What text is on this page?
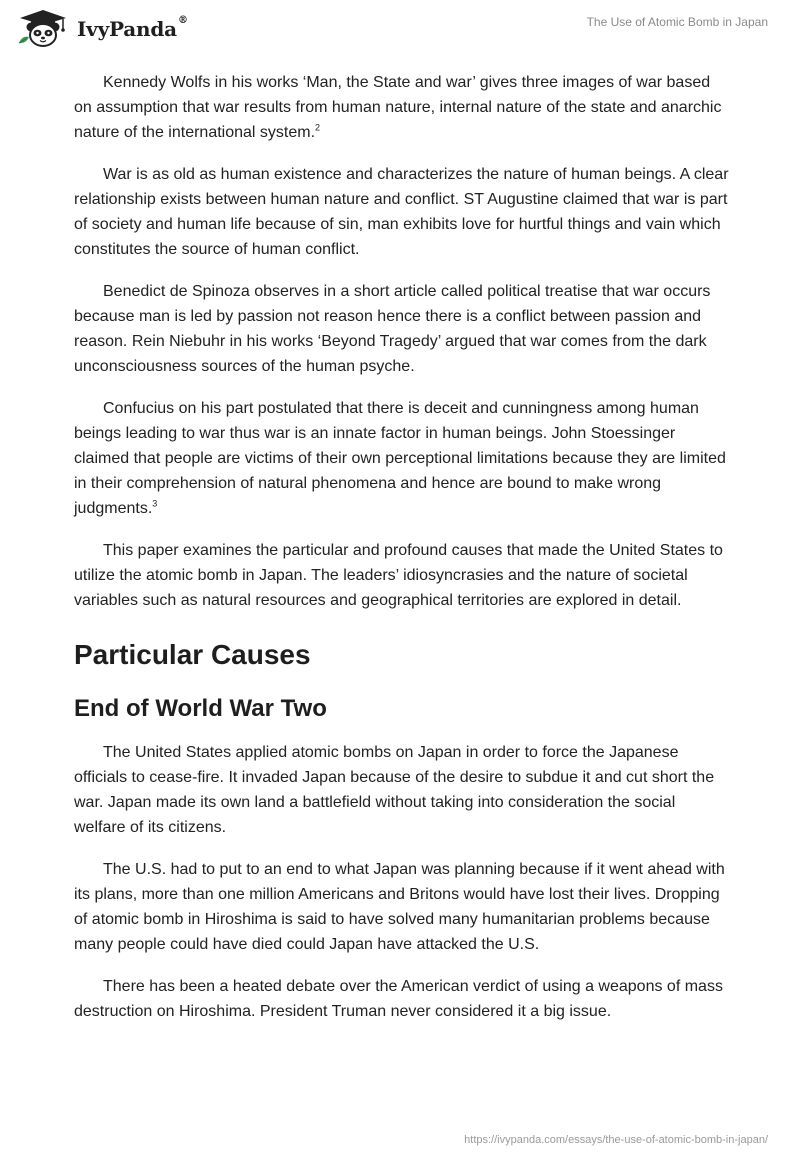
IvyPanda®	The Use of Atomic Bomb in Japan

Kennedy Wolfs in his works ‘Man, the State and war’ gives three images of war based on assumption that war results from human nature, internal nature of the state and anarchic nature of the international system.$^2$

War is as old as human existence and characterizes the nature of human beings. A clear relationship exists between human nature and conflict. ST Augustine claimed that war is part of society and human life because of sin, man exhibits love for hurtful things and vain which constitutes the source of human conflict.

Benedict de Spinoza observes in a short article called political treatise that war occurs because man is led by passion not reason hence there is a conflict between passion and reason. Rein Niebuhr in his works ‘Beyond Tragedy’ argued that war comes from the dark unconsciousness sources of the human psyche.

Confucius on his part postulated that there is deceit and cunningness among human beings leading to war thus war is an innate factor in human beings. John Stoessinger claimed that people are victims of their own perceptional limitations because they are limited in their comprehension of natural phenomena and hence are bound to make wrong judgments.$^3$

This paper examines the particular and profound causes that made the United States to utilize the atomic bomb in Japan. The leaders’ idiosyncrasies and the nature of societal variables such as natural resources and geographical territories are explored in detail.

Particular Causes
End of World War Two

The United States applied atomic bombs on Japan in order to force the Japanese officials to cease-fire. It invaded Japan because of the desire to subdue it and cut short the war. Japan made its own land a battlefield without taking into consideration the social welfare of its citizens.

The U.S. had to put to an end to what Japan was planning because if it went ahead with its plans, more than one million Americans and Britons would have lost their lives. Dropping of atomic bomb in Hiroshima is said to have solved many humanitarian problems because many people could have died could Japan have attacked the U.S.

There has been a heated debate over the American verdict of using a weapons of mass destruction on Hiroshima. President Truman never considered it a big issue.

https://ivypanda.com/essays/the-use-of-atomic-bomb-in-japan/
